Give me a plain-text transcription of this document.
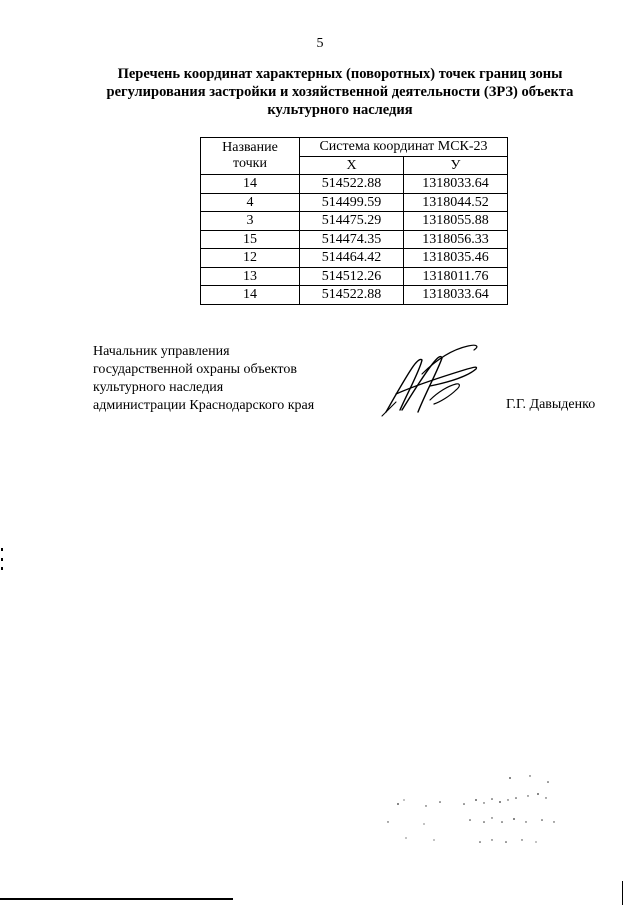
5
Перечень координат характерных (поворотных) точек границ зоны
регулирования застройки и хозяйственной деятельности (ЗРЗ) объекта
культурного наследия
Название
точки	Система координат МСК-23	
	Х	У
14	514522.88	1318033.64
4	514499.59	1318044.52
3	514475.29	1318055.88
15	514474.35	1318056.33
12	514464.42	1318035.46
13	514512.26	1318011.76
14	514522.88	1318033.64
Начальник управления
государственной охраны объектов
культурного наследия
администрации Краснодарского края	Г.Г. Давыденко
